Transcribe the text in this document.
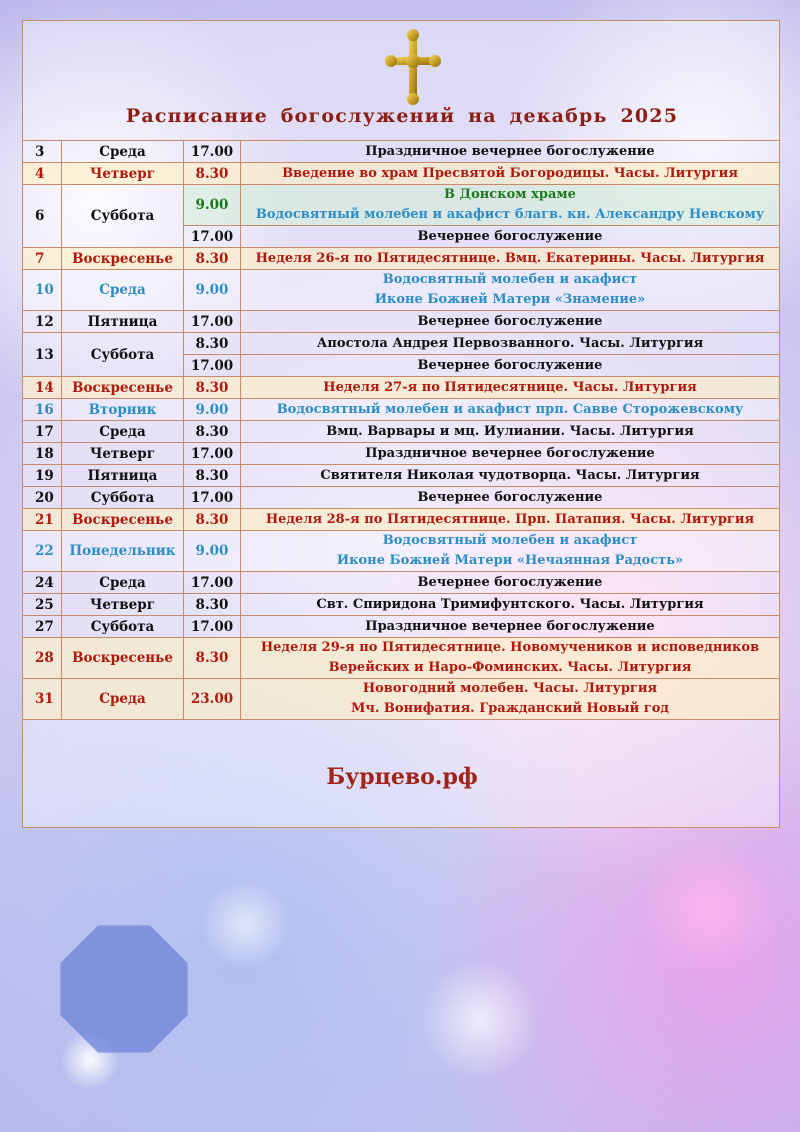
Расписание богослужений на декабрь 2025
Бурцево.рф
3	Среда	17.00	Праздничное вечернее богослужение

4	Четверг	8.30	Введение во храм Пресвятой Богородицы. Часы. Литургия

6	Суббота	9.00	В Донском храме
Водосвятный молебен и акафист благв. кн. Александру Невскому

		17.00	Вечернее богослужение

7	Воскресенье	8.30	Неделя 26-я по Пятидесятнице. Вмц. Екатерины. Часы. Литургия

10	Среда	9.00	Водосвятный молебен и акафист
Иконе Божией Матери «Знамение»

12	Пятница	17.00	Вечернее богослужение

13	Суббота	8.30	Апостола Андрея Первозванного. Часы. Литургия

		17.00	Вечернее богослужение

14	Воскресенье	8.30	Неделя 27-я по Пятидесятнице. Часы. Литургия

16	Вторник	9.00	Водосвятный молебен и акафист прп. Савве Сторожевскому

17	Среда	8.30	Вмц. Варвары и мц. Иулиании. Часы. Литургия

18	Четверг	17.00	Праздничное вечернее богослужение

19	Пятница	8.30	Святителя Николая чудотворца. Часы. Литургия

20	Суббота	17.00	Вечернее богослужение

21	Воскресенье	8.30	Неделя 28-я по Пятидесятнице. Прп. Патапия. Часы. Литургия

22	Понедельник	9.00	Водосвятный молебен и акафист
Иконе Божией Матери «Нечаянная Радость»

24	Среда	17.00	Вечернее богослужение

25	Четверг	8.30	Свт. Спиридона Тримифунтского. Часы. Литургия

27	Суббота	17.00	Праздничное вечернее богослужение

28	Воскресенье	8.30	Неделя 29-я по Пятидесятнице. Новомучеников и исповедников
Верейских и Наро-Фоминских. Часы. Литургия

31	Среда	23.00	Новогодний молебен. Часы. Литургия
Мч. Вонифатия. Гражданский Новый год
